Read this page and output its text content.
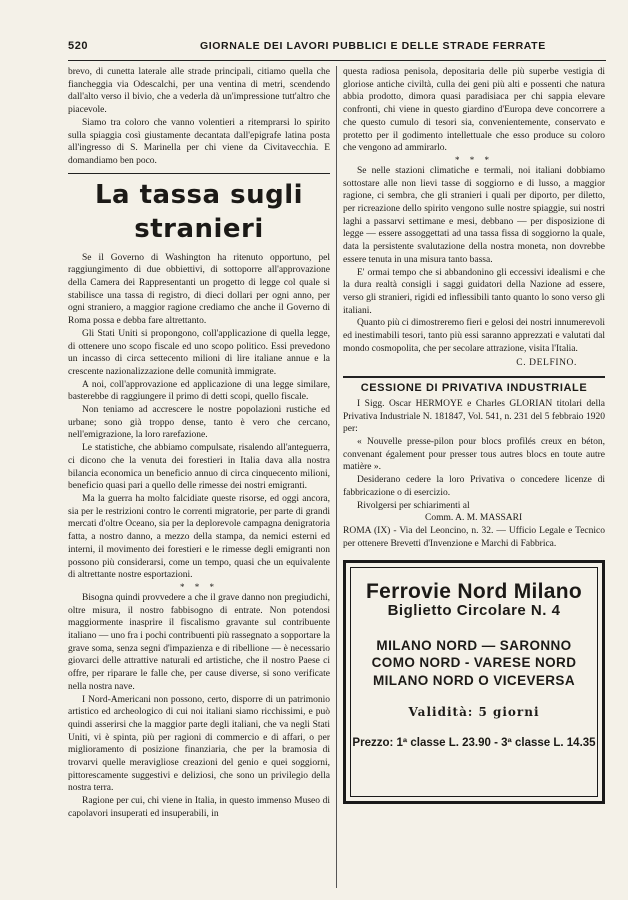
520	GIORNALE DEI LAVORI PUBBLICI E DELLE STRADE FERRATE

brevo, di cunetta laterale alle strade principali, citiamo quella che fiancheggia via Odescalchi, per una ventina di metri, scendendo dall'alto verso il bivio, che a vederla dà un'impressione tutt'altro che piacevole.

Siamo tra coloro che vanno volentieri a ritemprarsi lo spirito sulla spiaggia così giustamente decantata dall'epigrafe latina posta all'ingresso di S. Marinella per chi viene da Civitavecchia. E domandiamo ben poco.

La tassa sugli stranieri

Se il Governo di Washington ha ritenuto opportuno, pel raggiungimento di due obbiettivi, di sottoporre all'approvazione della Camera dei Rappresentanti un progetto di legge col quale si stabilisce una tassa di registro, di dieci dollari per ogni anno, per ogni straniero, a maggior ragione crediamo che anche il Governo di Roma possa e debba fare altrettanto.

Gli Stati Uniti si propongono, coll'applicazione di quella legge, di ottenere uno scopo fiscale ed uno scopo politico. Essi prevedono un incasso di circa settecento milioni di lire italiane annue e la crescente nazionalizzazione delle comunità immigrate.

A noi, coll'approvazione ed applicazione di una legge similare, basterebbe di raggiungere il primo di detti scopi, quello fiscale.

Non teniamo ad accrescere le nostre popolazioni rustiche ed urbane; sono già troppo dense, tanto è vero che cercano, nell'emigrazione, la loro rarefazione.

Le statistiche, che abbiamo compulsate, risalendo all'anteguerra, ci dicono che la venuta dei forestieri in Italia dava alla nostra bilancia economica un beneficio annuo di circa cinquecento milioni, beneficio quasi pari a quello delle rimesse dei nostri emigranti.

Ma la guerra ha molto falcidiate queste risorse, ed oggi ancora, sia per le restrizioni contro le correnti migratorie, per parte di grandi mercati d'oltre Oceano, sia per la deplorevole campagna denigratoria fatta, a nostro danno, a mezzo della stampa, da nemici esterni ed interni, il movimento dei forestieri e le rimesse degli emigranti non possono più considerarsi, come un tempo, quasi che un equivalente di altrettante nostre esportazioni.

* * *

Bisogna quindi provvedere a che il grave danno non pregiudichi, oltre misura, il nostro fabbisogno di entrate. Non potendosi maggiormente inasprire il fiscalismo gravante sul contribuente italiano — uno fra i pochi contribuenti più rassegnato a sopportare la grave soma, senza segni d'impazienza e di ribellione — è necessario giovarci delle attrattive naturali ed artistiche, che il nostro Paese ci offre, per riparare le falle che, per cause diverse, si sono verificate nella nostra nave.

I Nord-Americani non possono, certo, disporre di un patrimonio artistico ed archeologico di cui noi italiani siamo ricchissimi, e può quindi asserirsi che la maggior parte degli italiani, che va negli Stati Uniti, vi è spinta, più per ragioni di commercio e di affari, o per miglioramento di posizione finanziaria, che per la bramosia di trovarvi quelle meravigliose creazioni del genio e quei soggiorni, pittorescamente suggestivi e deliziosi, che sono un privilegio della nostra terra.

Ragione per cui, chi viene in Italia, in questo immenso Museo di capolavori insuperati ed insuperabili, in

questa radiosa penisola, depositaria delle più superbe vestigia di gloriose antiche civiltà, culla dei geni più alti e possenti che natura abbia prodotto, dimora quasi paradisiaca per chi sappia elevare confronti, chi viene in questo giardino d'Europa deve concorrere a che questo cumulo di tesori sia, convenientemente, conservato e protetto per il godimento intellettuale che esso produce su coloro che vengono ad ammirarlo.

* * *

Se nelle stazioni climatiche e termali, noi italiani dobbiamo sottostare alle non lievi tasse di soggiorno e di lusso, a maggior ragione, ci sembra, che gli stranieri i quali per diporto, per diletto, per ricreazione dello spirito vengono sulle nostre spiaggie, sui nostri laghi a passarvi settimane e mesi, debbano — per disposizione di legge — essere assoggettati ad una tassa fissa di soggiorno la quale, data la persistente svalutazione della nostra moneta, non dovrebbe essere tenuta in una misura tanto bassa.

E' ormai tempo che si abbandonino gli eccessivi idealismi e che la dura realtà consigli i saggi guidatori della Nazione ad essere, verso gli stranieri, rigidi ed inflessibili tanto quanto lo sono verso gli italiani.

Quanto più ci dimostreremo fieri e gelosi dei nostri innumerevoli ed inestimabili tesori, tanto più essi saranno apprezzati e valutati dal mondo cosmopolita, che per secolare attrazione, visita l'Italia.

C. DELFINO.
CESSIONE DI PRIVATIVA INDUSTRIALE

I Sigg. Oscar HERMOYE e Charles GLORIAN titolari della Privativa Industriale N. 181847, Vol. 541, n. 231 del 5 febbraio 1920 per:

« Nouvelle presse-pilon pour blocs profilés creux en béton, convenant également pour presser tous autres blocs en toute autre matière ».

Desiderano cedere la loro Privativa o concedere licenze di fabbricazione o di esercizio.

Rivolgersi per schiarimenti al

Comm. A. M. MASSARI

ROMA (IX) - Via del Leoncino, n. 32. — Ufficio Legale e Tecnico per ottenere Brevetti d'Invenzione e Marchi di Fabbrica.

Ferrovie Nord Milano
Biglietto Circolare N. 4
MILANO NORD — SARONNO
COMO NORD - VARESE NORD
MILANO NORD O VICEVERSA
Validità: 5 giorni
Prezzo: 1ª classe L. 23.90 - 3ª classe L. 14.35
